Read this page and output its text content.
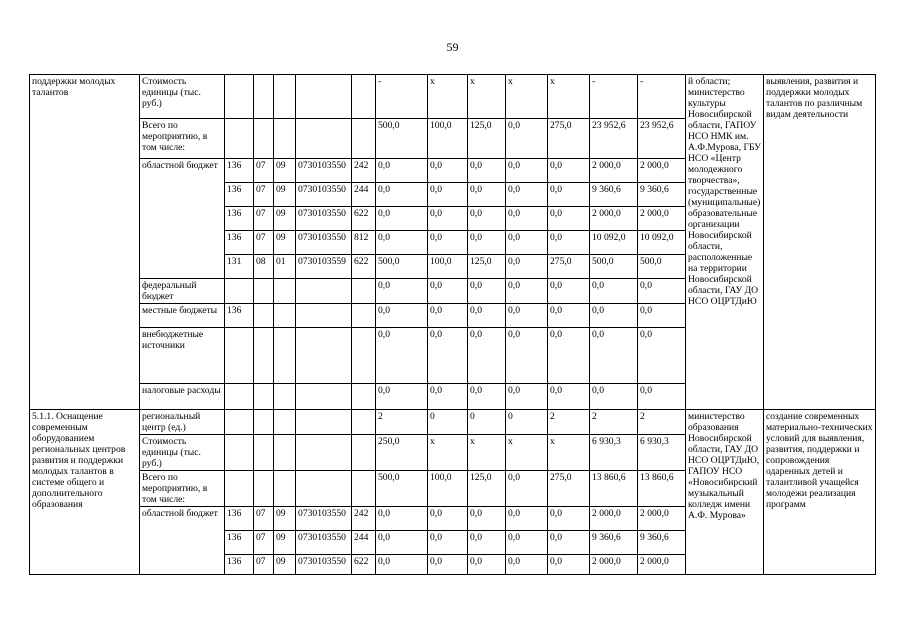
59
поддержки молодых талантов	Стоимость единицы (тыс. руб.)						-	x	x	x	x	-	-	й области; министерство культуры Новосибирской области, ГАПОУ НСО НМК им. А.Ф.Мурова, ГБУ НСО «Центр молодежного творчества», государственные (муниципальные) образовательные организации Новосибирской области, расположенные на территории Новосибирской области, ГАУ ДО НСО ОЦРТДиЮ	выявления, развития и поддержки молодых талантов по различным видам деятельности
	Всего по мероприятию, в том числе:						500,0	100,0	125,0	0,0	275,0	23 952,6	23 952,6		
	областной бюджет	136	07	09	0730103550	242	0,0	0,0	0,0	0,0	0,0	2 000,0	2 000,0		
		136	07	09	0730103550	244	0,0	0,0	0,0	0,0	0,0	9 360,6	9 360,6		
		136	07	09	0730103550	622	0,0	0,0	0,0	0,0	0,0	2 000,0	2 000,0		
		136	07	09	0730103550	812	0,0	0,0	0,0	0,0	0,0	10 092,0	10 092,0		
		131	08	01	0730103559	622	500,0	100,0	125,0	0,0	275,0	500,0	500,0		
	федеральный бюджет						0,0	0,0	0,0	0,0	0,0	0,0	0,0		
	местные бюджеты	136					0,0	0,0	0,0	0,0	0,0	0,0	0,0		
	внебюджетные источники						0,0	0,0	0,0	0,0	0,0	0,0	0,0		
	налоговые расходы						0,0	0,0	0,0	0,0	0,0	0,0	0,0		
5.1.1. Оснащение современным оборудованием региональных центров развития и поддержки молодых талантов в системе общего и дополнительного образования	региональный центр (ед.)						2	0	0	0	2	2	2	министерство образования Новосибирской области, ГАУ ДО НСО ОЦРТДиЮ, ГАПОУ НСО «Новосибирский музыкальный колледж имени А.Ф. Мурова»	создание современных материально-технических условий для выявления, развития, поддержки и сопровождения одаренных детей и талантливой учащейся молодежи реализация программ
	Стоимость единицы (тыс. руб.)						250,0	x	x	x	x	6 930,3	6 930,3		
	Всего по мероприятию, в том числе:						500,0	100,0	125,0	0,0	275,0	13 860,6	13 860,6		
	областной бюджет	136	07	09	0730103550	242	0,0	0,0	0,0	0,0	0,0	2 000,0	2 000,0		
		136	07	09	0730103550	244	0,0	0,0	0,0	0,0	0,0	9 360,6	9 360,6		
		136	07	09	0730103550	622	0,0	0,0	0,0	0,0	0,0	2 000,0	2 000,0		
